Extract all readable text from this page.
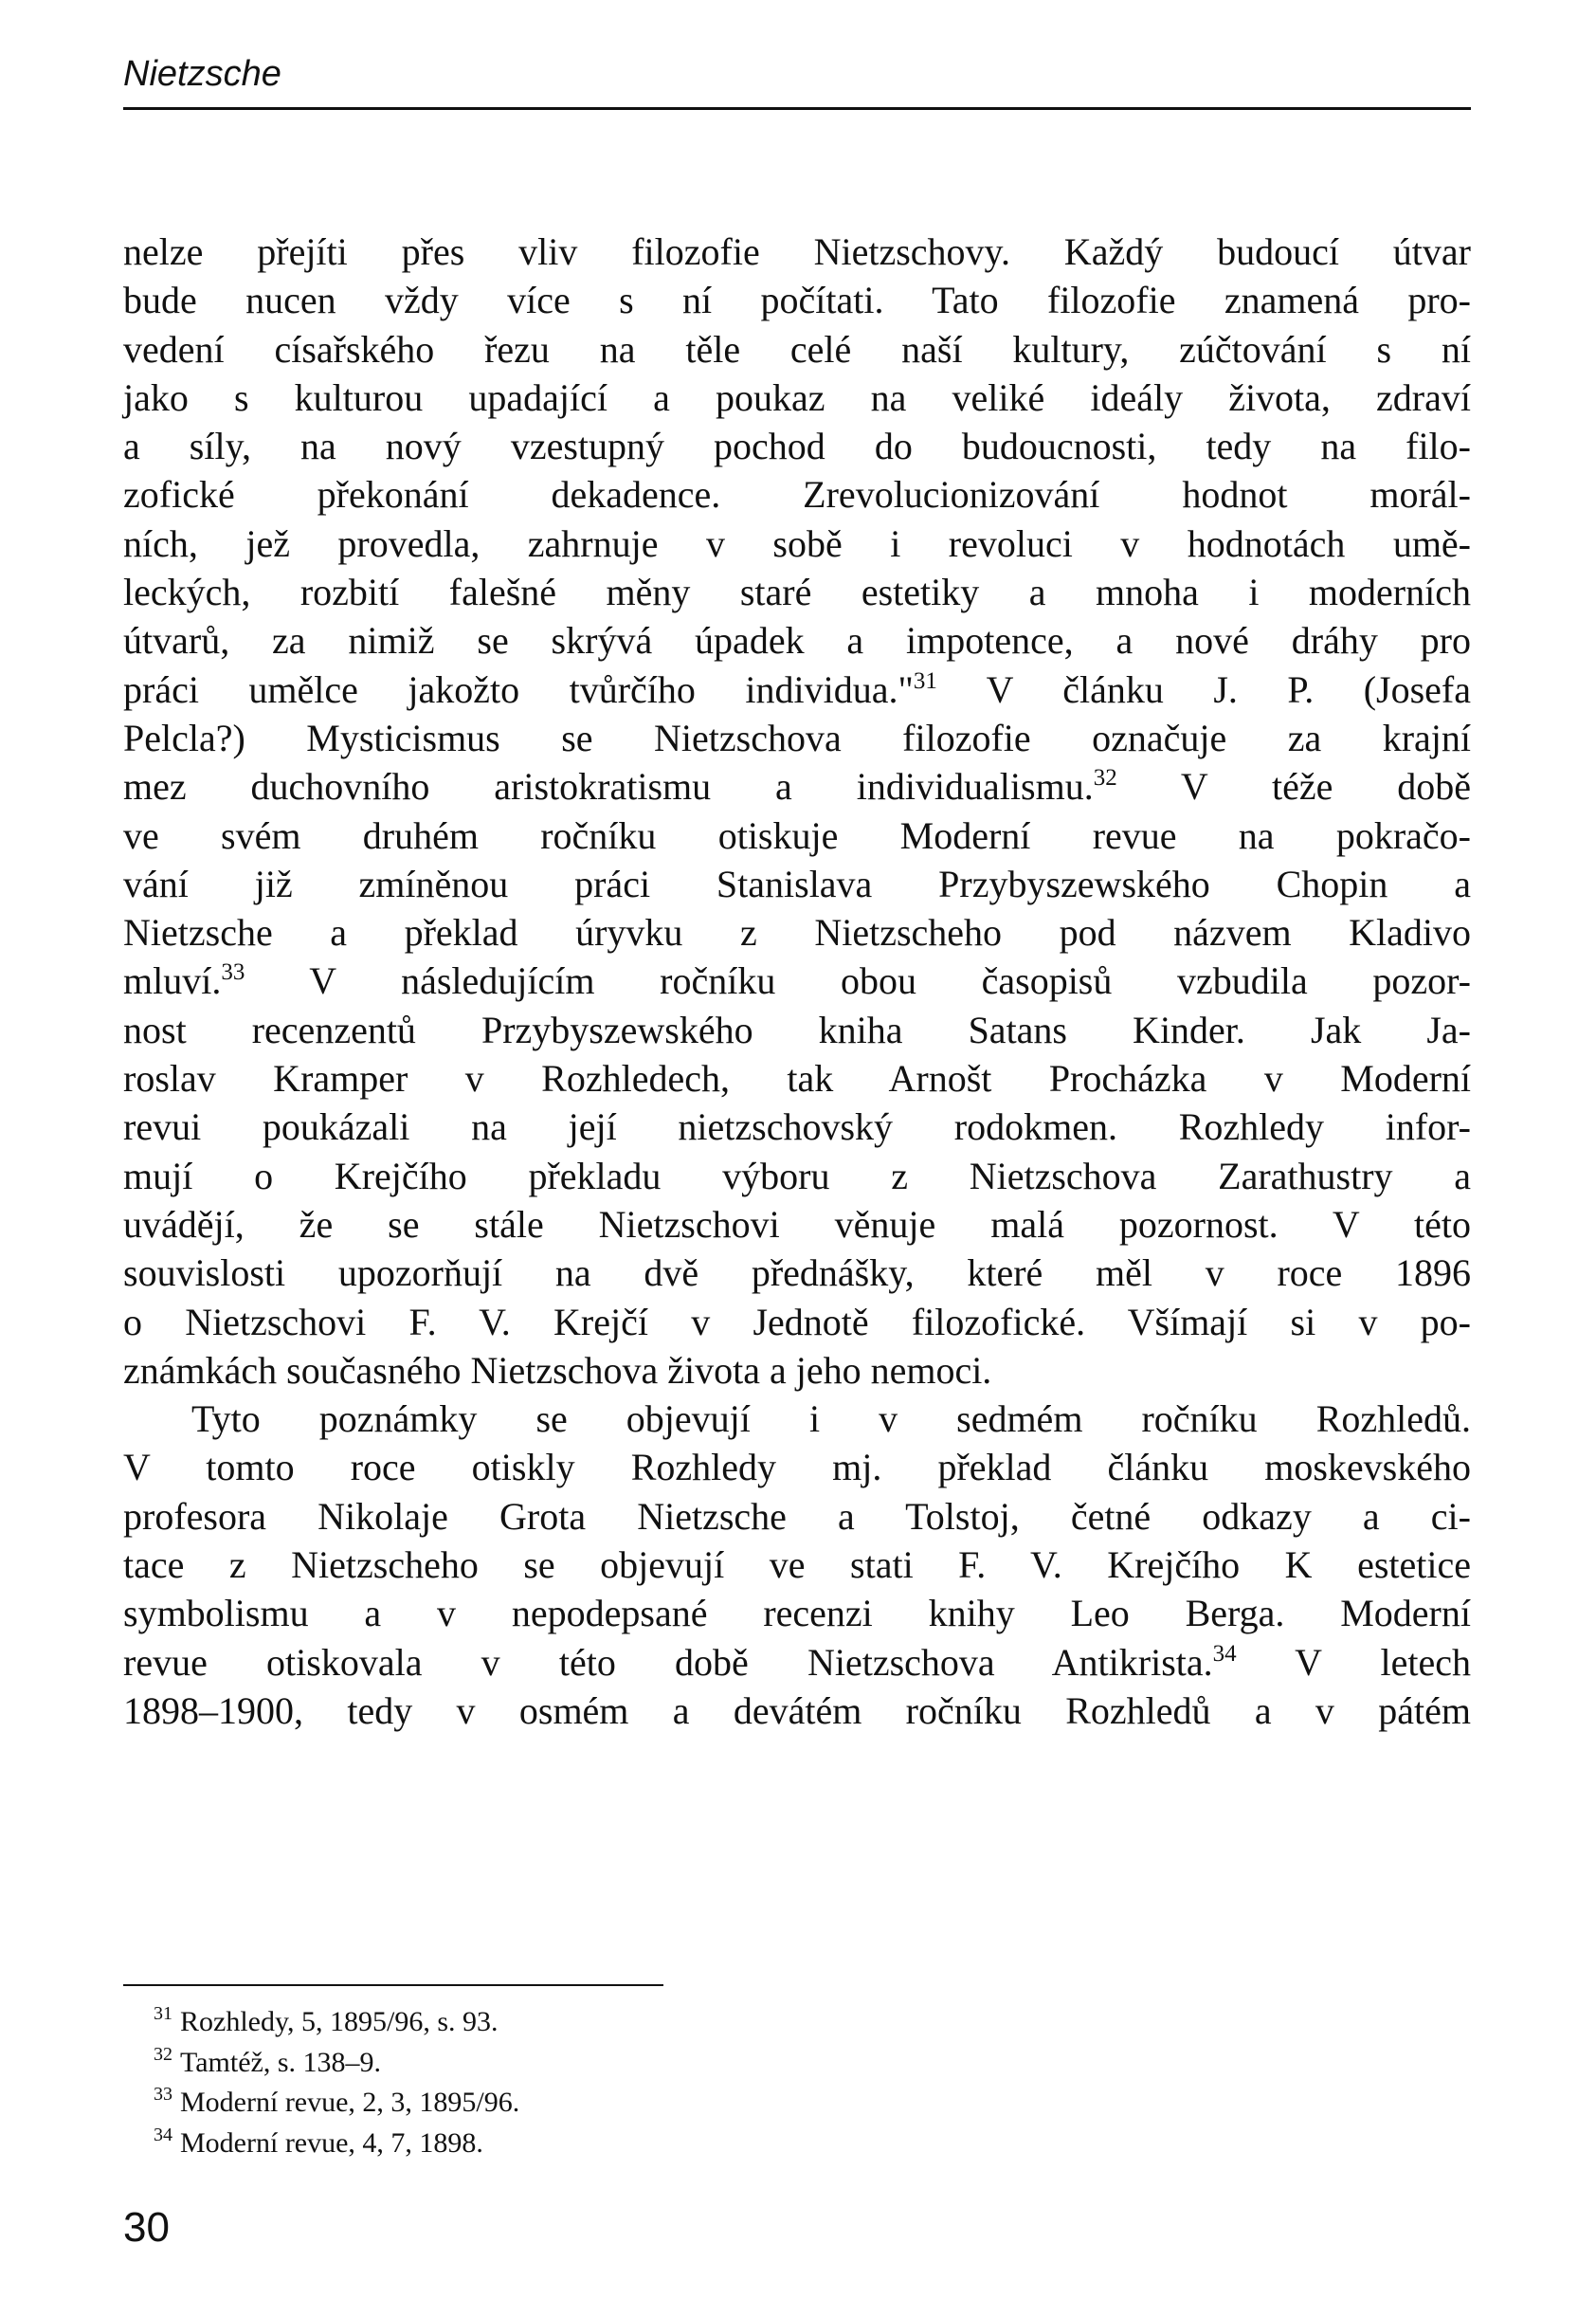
Nietzsche
nelze přejíti přes vliv filozofie Nietzschovy. Každý budoucí útvar
bude nucen vždy více s ní počítati. Tato filozofie znamená pro-
vedení císařského řezu na těle celé naší kultury, zúčtování s ní
jako s kulturou upadající a poukaz na veliké ideály života, zdraví
a síly, na nový vzestupný pochod do budoucnosti, tedy na filo-
zofické překonání dekadence. Zrevolucionizování hodnot morál-
ních, jež provedla, zahrnuje v sobě i revoluci v hodnotách umě-
leckých, rozbití falešné měny staré estetiky a mnoha i moderních
útvarů, za nimiž se skrývá úpadek a impotence, a nové dráhy pro
práci umělce jakožto tvůrčího individua."$^{31}$ V článku J. P. (Josefa
Pelcla?) Mysticismus se Nietzschova filozofie označuje za krajní
mez duchovního aristokratismu a individualismu.$^{32}$ V téže době
ve svém druhém ročníku otiskuje Moderní revue na pokračo-
vání již zmíněnou práci Stanislava Przybyszewského Chopin a
Nietzsche a překlad úryvku z Nietzscheho pod názvem Kladivo
mluví.$^{33}$ V následujícím ročníku obou časopisů vzbudila pozor-
nost recenzentů Przybyszewského kniha Satans Kinder. Jak Ja-
roslav Kramper v Rozhledech, tak Arnošt Procházka v Moderní
revui poukázali na její nietzschovský rodokmen. Rozhledy infor-
mují o Krejčího překladu výboru z Nietzschova Zarathustry a
uvádějí, že se stále Nietzschovi věnuje malá pozornost. V této
souvislosti upozorňují na dvě přednášky, které měl v roce 1896
o Nietzschovi F. V. Krejčí v Jednotě filozofické. Všímají si v po-
známkách současného Nietzschova života a jeho nemoci.
Tyto poznámky se objevují i v sedmém ročníku Rozhledů.
V tomto roce otiskly Rozhledy mj. překlad článku moskevského
profesora Nikolaje Grota Nietzsche a Tolstoj, četné odkazy a ci-
tace z Nietzscheho se objevují ve stati F. V. Krejčího K estetice
symbolismu a v nepodepsané recenzi knihy Leo Berga. Moderní
revue otiskovala v této době Nietzschova Antikrista.$^{34}$ V letech
1898–1900, tedy v osmém a devátém ročníku Rozhledů a v pátém
$^{31}$ Rozhledy, 5, 1895/96, s. 93.
$^{32}$ Tamtéž, s. 138–9.
$^{33}$ Moderní revue, 2, 3, 1895/96.
$^{34}$ Moderní revue, 4, 7, 1898.
30
